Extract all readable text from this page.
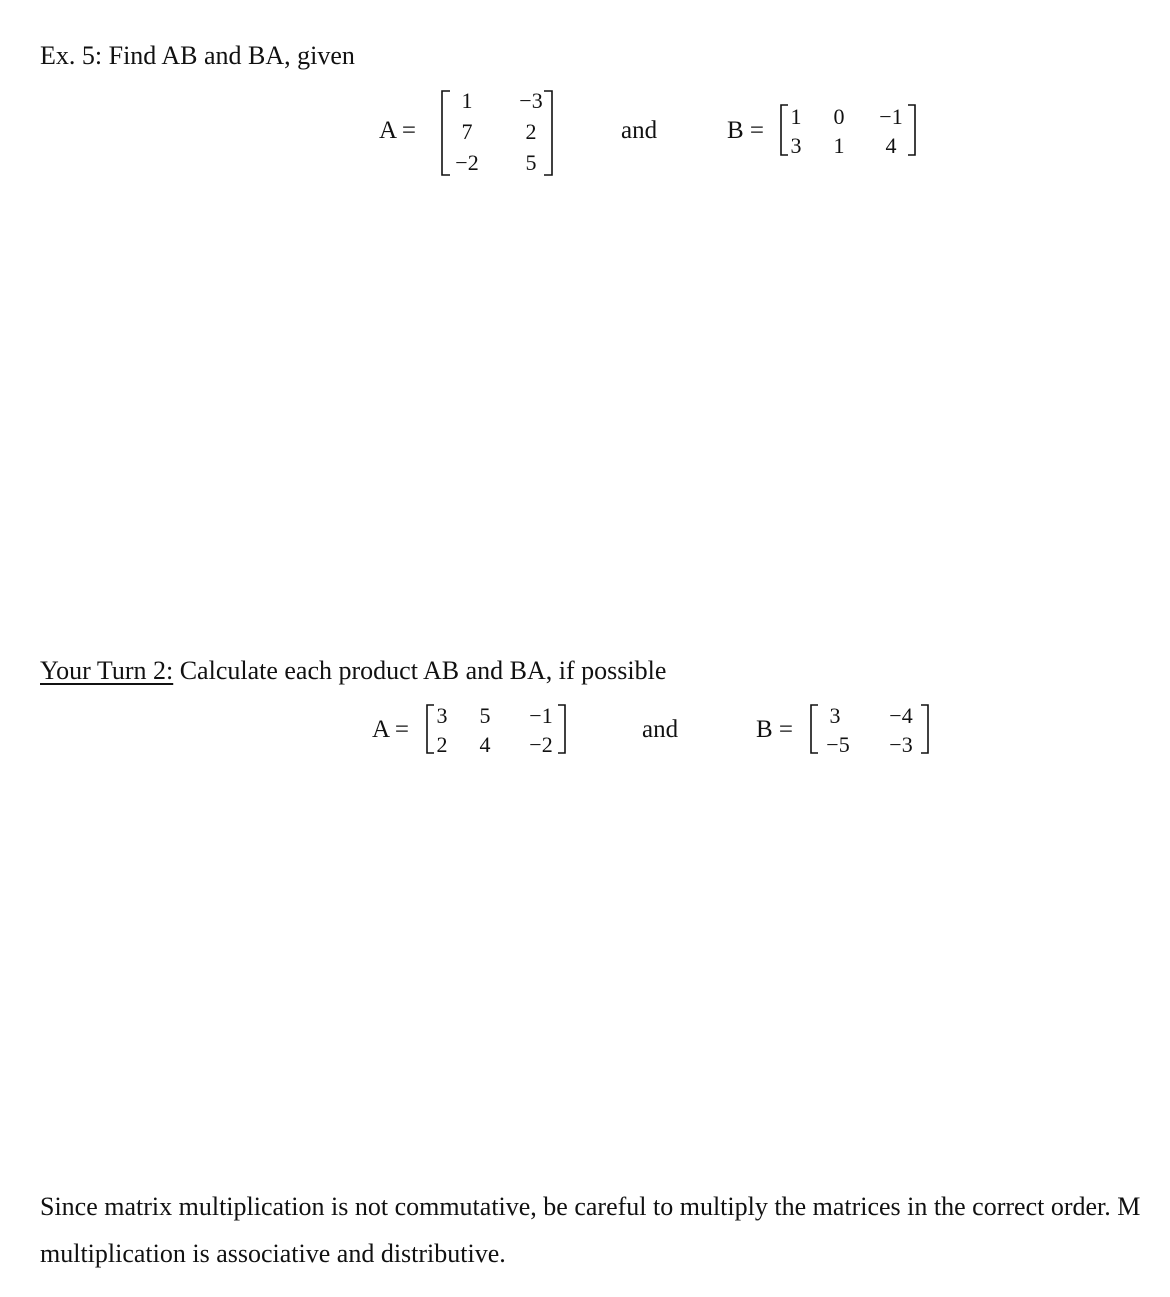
Ex. 5: Find AB and BA, given
A =
1	−3
7	2
−2	5
and	B =
1	0	−1
3	1	4
Your Turn 2: Calculate each product AB and BA, if possible
A =
3	5	−1
2	4	−2
and	B =
3	−4
−5 −3
Since matrix multiplication is not commutative, be careful to multiply the matrices in the correct order. M
multiplication is associative and distributive.
